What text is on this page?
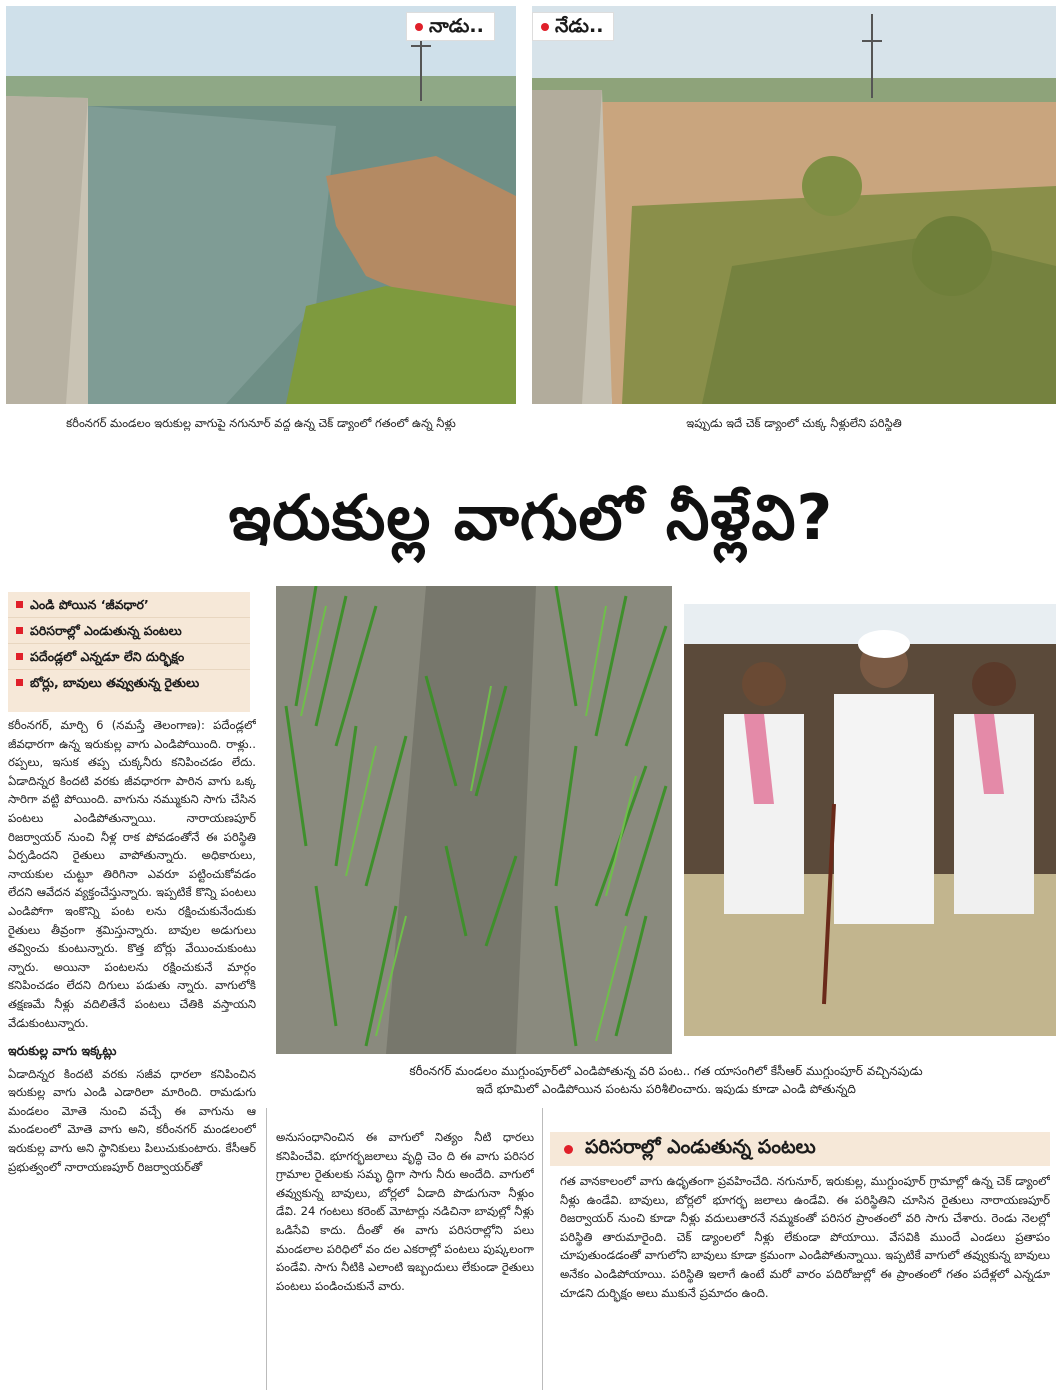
నాడు..	నేడు..
కరీంనగర్ మండలం ఇరుకుల్ల వాగుపై నగునూర్ వద్ద ఉన్న చెక్ డ్యాంలో గతంలో ఉన్న నీళ్లు	ఇప్పుడు ఇదే చెక్ డ్యాంలో చుక్క నీళ్లులేని పరిస్థితి
ఇరుకుల్ల వాగులో నీళ్లేవి?
ఎండి పోయిన ‘జీవధార’
పరిసరాల్లో ఎండుతున్న పంటలు
పదేండ్లలో ఎన్నడూ లేని దుర్భిక్షం
బోర్లు, బావులు తవ్వుతున్న రైతులు
కరీంనగర్ మండలం ముగ్దుంపూర్‌లో ఎండిపోతున్న వరి పంట.. గత యాసంగిలో కేసీఆర్ ముగ్దుంపూర్ వచ్చినపుడు
ఇదే భూమిలో ఎండిపోయిన పంటను పరిశీలించారు. ఇపుడు కూడా ఎండి పోతున్నది
కరీంనగర్, మార్చి 6 (నమస్తే తెలంగాణ): పదేండ్లలో జీవధారగా ఉన్న ఇరుకుల్ల వాగు ఎండిపోయింది. రాళ్లు.. రప్పలు, ఇసుక తప్ప చుక్కనీరు కనిపించడం లేదు. ఏడాదిన్నర కిందటి వరకు జీవధారగా పారిన వాగు ఒక్క సారిగా వట్టి పోయింది. వాగును నమ్ముకుని సాగు చేసిన పంటలు ఎండిపోతున్నాయి. నారాయణపూర్ రిజర్వాయర్ నుంచి నీళ్ల రాక పోవడంతోనే ఈ పరిస్థితి ఏర్పడిందని రైతులు వాపోతున్నారు. అధికారులు, నాయకుల చుట్టూ తిరిగినా ఎవరూ పట్టించుకోవడం లేదని ఆవేదన వ్యక్తంచేస్తున్నారు. ఇప్పటికే కొన్ని పంటలు ఎండిపోగా ఇంకొన్ని పంట లను రక్షించుకునేందుకు రైతులు తీవ్రంగా శ్రమిస్తున్నారు. బావుల అడుగులు తవ్వించు కుంటున్నారు. కొత్త బోర్లు వేయించుకుంటు న్నారు. అయినా పంటలను రక్షించుకునే మార్గం కనిపించడం లేదని దిగులు పడుతు న్నారు. వాగులోకి తక్షణమే నీళ్లు వదిలితేనే పంటలు చేతికి వస్తాయని వేడుకుంటున్నారు.
ఇరుకుల్ల వాగు ఇక్కట్లు
ఏడాదిన్నర కిందటి వరకు సజీవ ధారలా కనిపించిన ఇరుకుల్ల వాగు ఎండి ఎడారిలా మారింది. రామడుగు మండలం మోతె నుంచి వచ్చే ఈ వాగును ఆ మండలంలో మోతె వాగు అని, కరీంనగర్ మండలంలో ఇరుకుల్ల వాగు అని స్థానికులు పిలుచుకుంటారు. కేసీఆర్ ప్రభుత్వంలో నారాయణపూర్ రిజర్వాయర్‌తో
అనుసంధానించిన ఈ వాగులో నిత్యం నీటి ధారలు కనిపించేవి. భూగర్భజలాలు వృద్ధి చెం ది ఈ వాగు పరిసర గ్రామాల రైతులకు సమృ ద్ధిగా సాగు నీరు అందేది. వాగులో తవ్వుకున్న బావులు, బోర్లలో ఏడాది పొడుగునా నీళ్లుం డేవి. 24 గంటలు కరెంట్ మోటార్లు నడిచినా బావుల్లో నీళ్లు ఒడిసేవి కాదు. దీంతో ఈ వాగు పరిసరాల్లోని పలు మండలాల పరిధిలో వం దల ఎకరాల్లో పంటలు పుష్కలంగా పండేవి. సాగు నీటికి ఎలాంటి ఇబ్బందులు లేకుండా రైతులు పంటలు పండించుకునే వారు.
పరిసరాల్లో ఎండుతున్న పంటలు
గత వానకాలంలో వాగు ఉధృతంగా ప్రవహించేది. నగునూర్, ఇరుకుల్ల, ముగ్దుంపూర్ గ్రామాల్లో ఉన్న చెక్ డ్యాంలో నీళ్లు ఉండేవి. బావులు, బోర్లలో భూగర్భ జలాలు ఉండేవి. ఈ పరిస్థితిని చూసిన రైతులు నారాయణపూర్ రిజర్వాయర్ నుంచి కూడా నీళ్లు వదులుతారనే నమ్మకంతో పరిసర ప్రాంతంలో వరి సాగు చేశారు. రెండు నెలల్లో పరిస్థితి తారుమారైంది. చెక్ డ్యాంలలో నీళ్లు లేకుండా పోయాయి. వేసవికి ముందే ఎండలు ప్రతాపం చూపుతుండడంతో వాగులోని బావులు కూడా క్రమంగా ఎండిపోతున్నాయి. ఇప్పటికే వాగులో తవ్వుకున్న బావులు అనేకం ఎండిపోయాయి. పరిస్థితి ఇలాగే ఉంటే మరో వారం పదిరోజుల్లో ఈ ప్రాంతంలో గతం పదేళ్లలో ఎన్నడూ చూడని దుర్భిక్షం అలు ముకునే ప్రమాదం ఉంది.
